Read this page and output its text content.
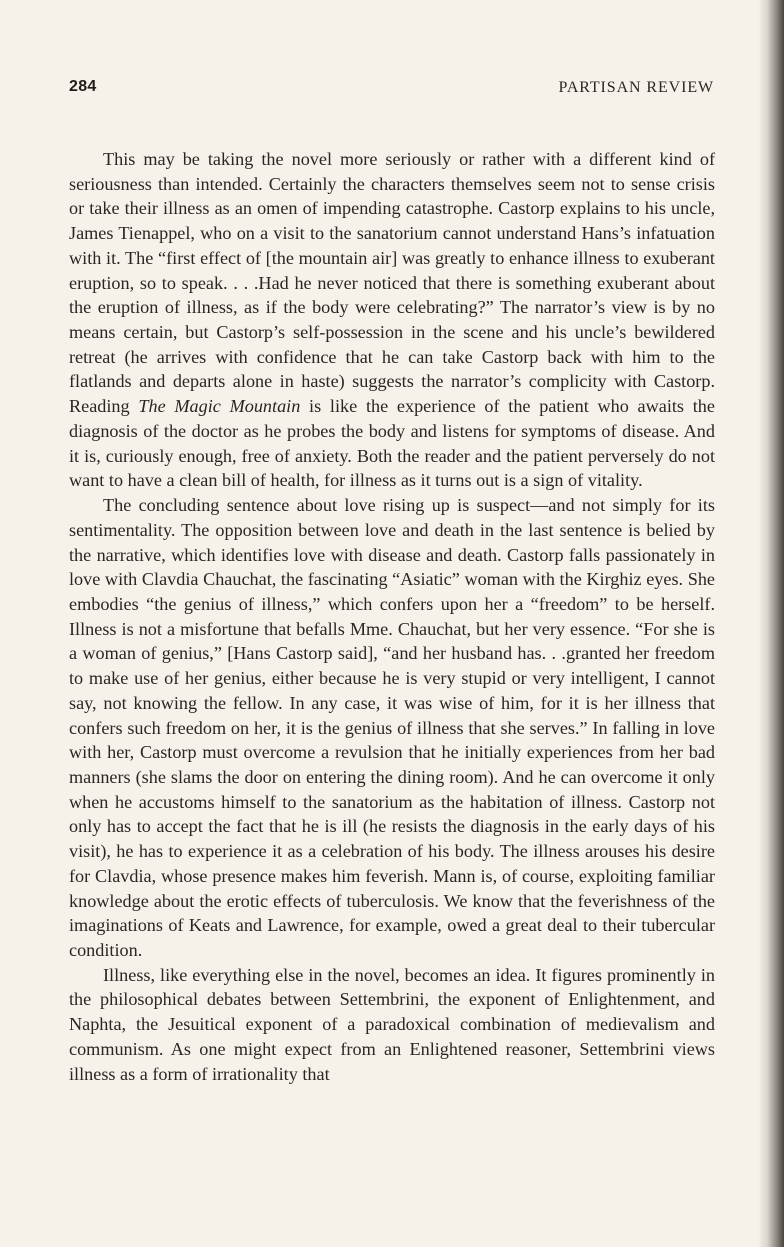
284	PARTISAN REVIEW

This may be taking the novel more seriously or rather with a different kind of seriousness than intended. Certainly the characters themselves seem not to sense crisis or take their illness as an omen of impending catastrophe. Castorp explains to his uncle, James Tienappel, who on a visit to the sanatorium cannot understand Hans’s infatuation with it. The “first effect of [the mountain air] was greatly to enhance illness to exuberant eruption, so to speak. . . .Had he never noticed that there is something exuberant about the eruption of illness, as if the body were celebrating?” The narrator’s view is by no means certain, but Castorp’s self-possession in the scene and his uncle’s bewildered retreat (he arrives with confidence that he can take Castorp back with him to the flatlands and departs alone in haste) suggests the narrator’s complicity with Castorp. Reading The Magic Mountain is like the experience of the patient who awaits the diagnosis of the doctor as he probes the body and listens for symptoms of disease. And it is, curiously enough, free of anxiety. Both the reader and the patient perversely do not want to have a clean bill of health, for illness as it turns out is a sign of vitality.

The concluding sentence about love rising up is suspect—and not simply for its sentimentality. The opposition between love and death in the last sentence is belied by the narrative, which identifies love with disease and death. Castorp falls passionately in love with Clavdia Chauchat, the fascinating “Asiatic” woman with the Kirghiz eyes. She embodies “the genius of illness,” which confers upon her a “freedom” to be herself. Illness is not a misfortune that befalls Mme. Chauchat, but her very essence. “For she is a woman of genius,” [Hans Castorp said], “and her husband has. . .granted her freedom to make use of her genius, either because he is very stupid or very intelligent, I cannot say, not knowing the fellow. In any case, it was wise of him, for it is her illness that confers such freedom on her, it is the genius of illness that she serves.” In falling in love with her, Castorp must overcome a revulsion that he initially experiences from her bad manners (she slams the door on entering the dining room). And he can overcome it only when he accustoms himself to the sanatorium as the habitation of illness. Castorp not only has to accept the fact that he is ill (he resists the diagnosis in the early days of his visit), he has to experience it as a celebration of his body. The illness arouses his desire for Clavdia, whose presence makes him feverish. Mann is, of course, exploiting familiar knowledge about the erotic effects of tuberculosis. We know that the feverishness of the imaginations of Keats and Lawrence, for example, owed a great deal to their tubercular condition.

Illness, like everything else in the novel, becomes an idea. It figures prominently in the philosophical debates between Settembrini, the exponent of Enlightenment, and Naphta, the Jesuitical exponent of a paradoxical combination of medievalism and communism. As one might expect from an Enlightened reasoner, Settembrini views illness as a form of irrationality that
